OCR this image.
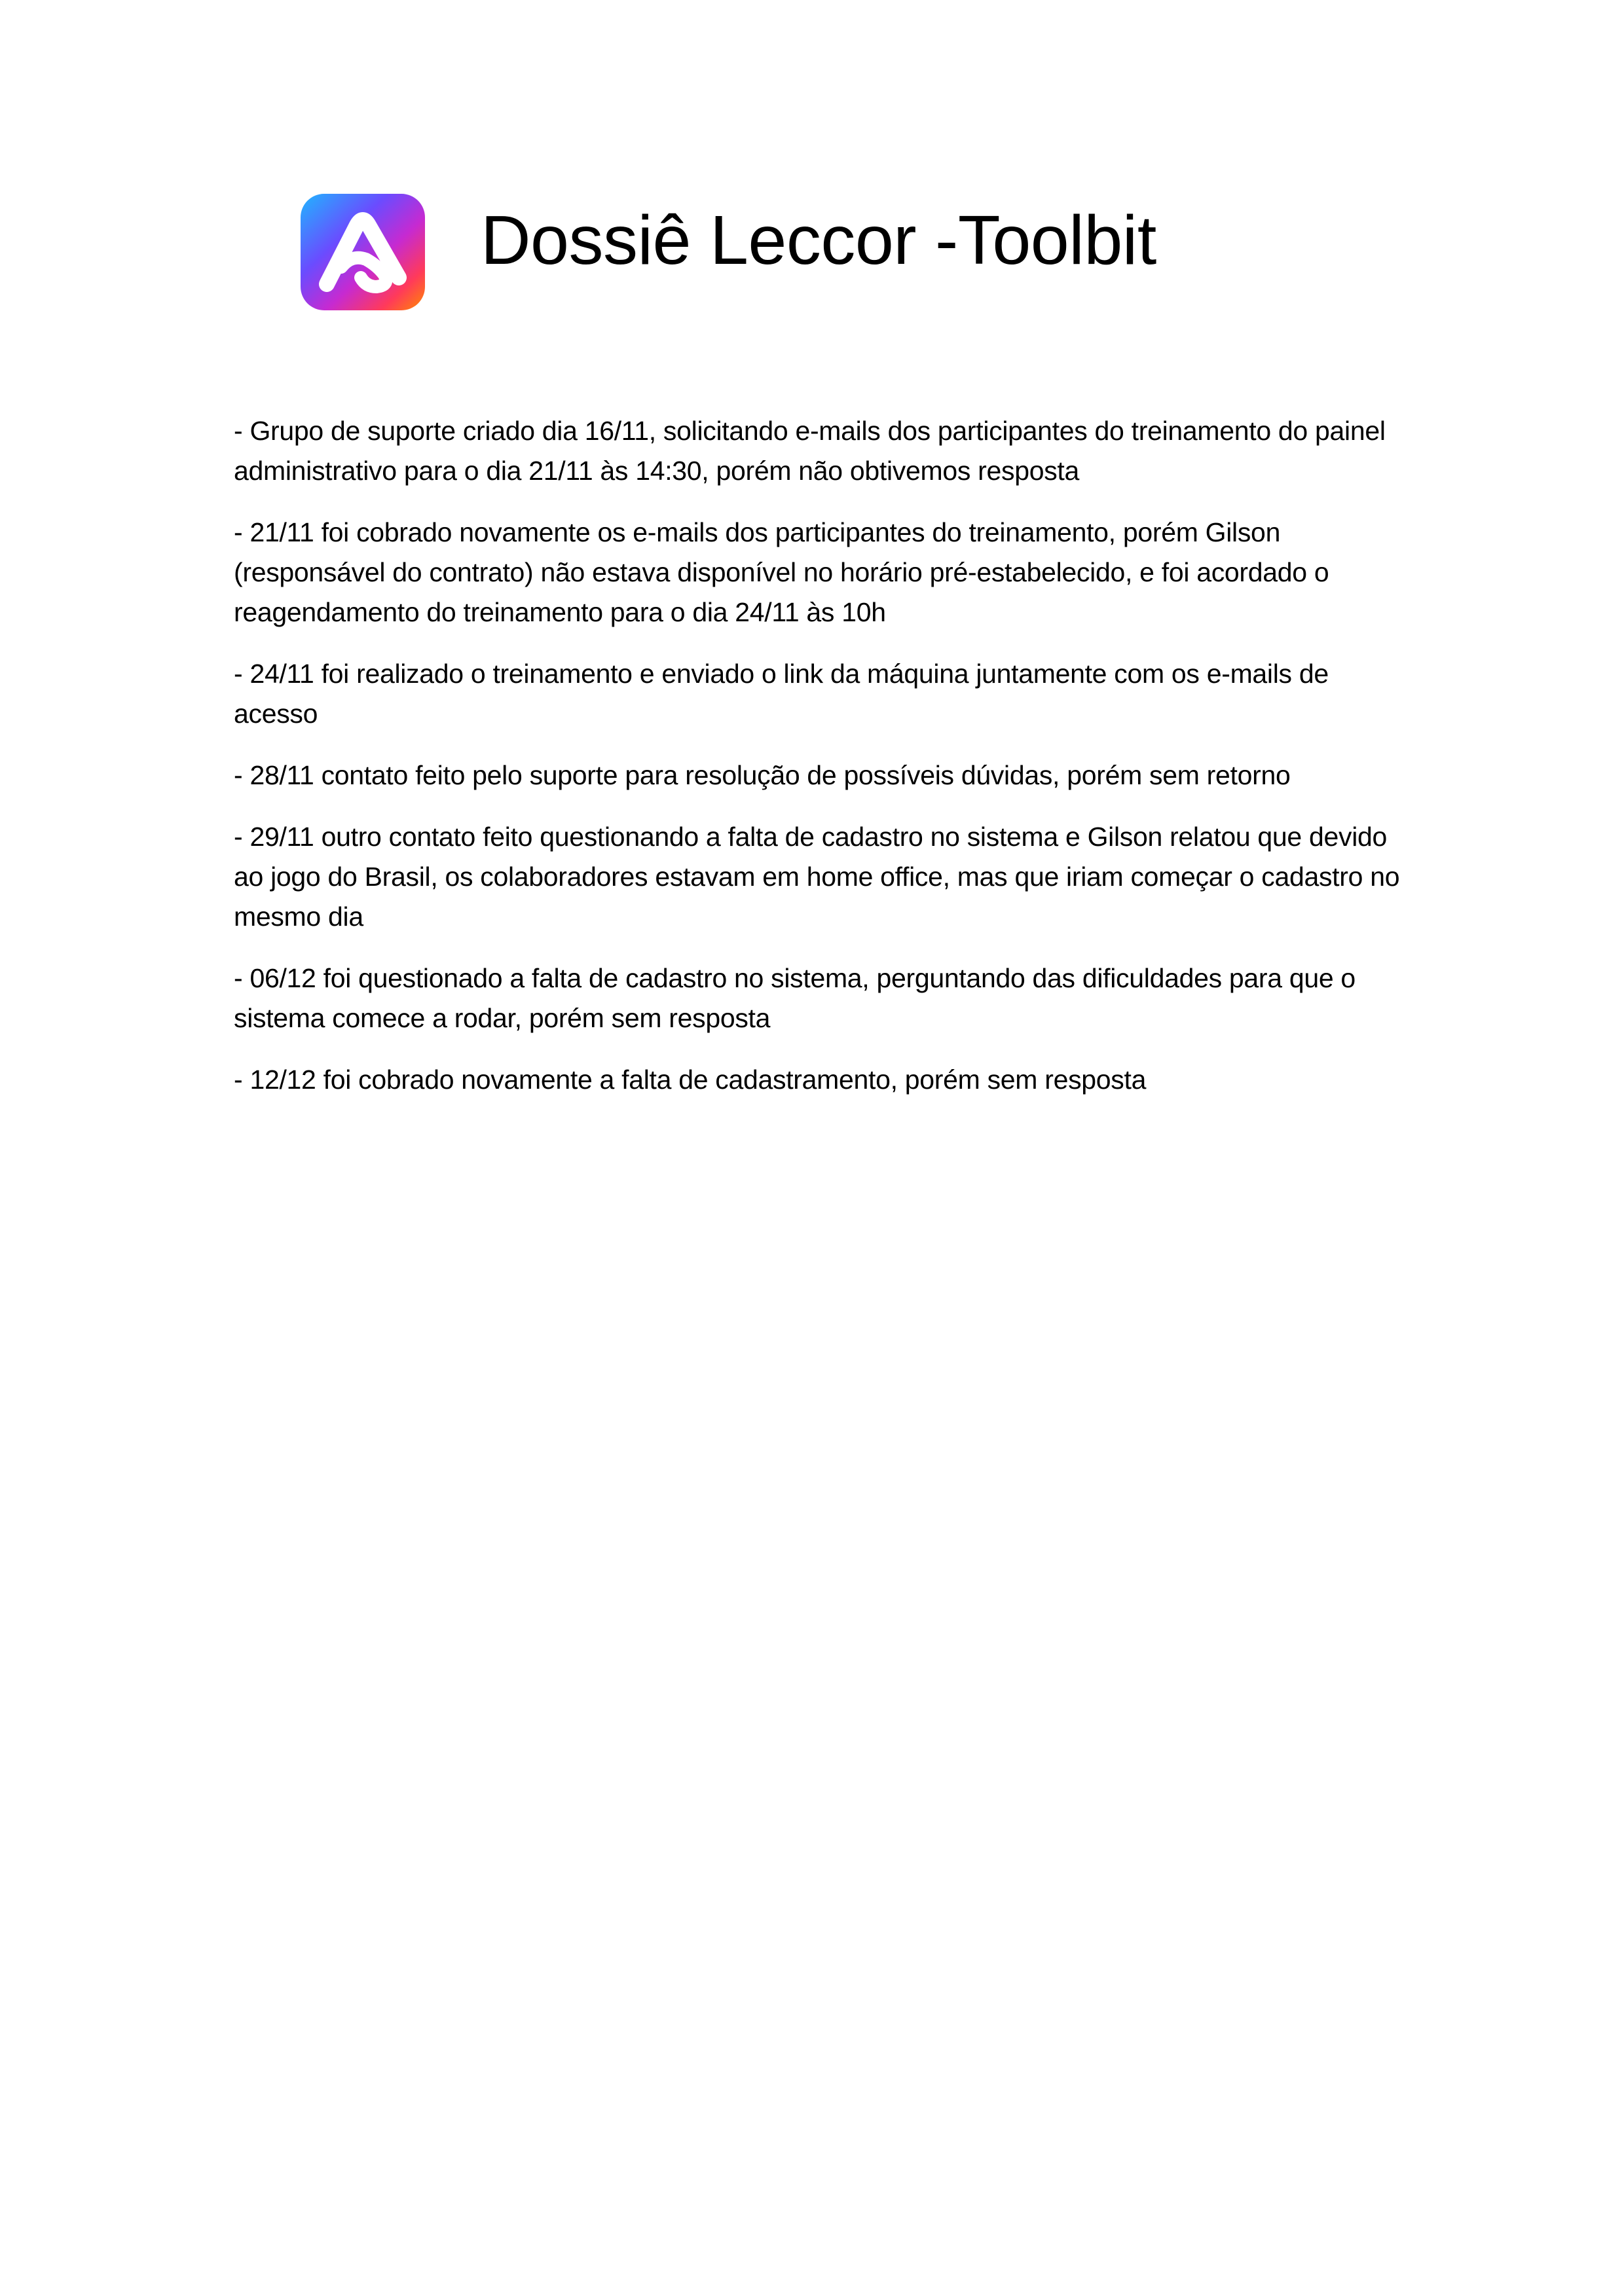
Dossiê Leccor -Toolbit

- Grupo de suporte criado dia 16/11, solicitando e-mails dos participantes do treinamento do painel administrativo para o dia 21/11 às 14:30, porém não obtivemos resposta

- 21/11 foi cobrado novamente os e-mails dos participantes do treinamento, porém Gilson (responsável do contrato) não estava disponível no horário pré-estabelecido, e foi acordado o reagendamento do treinamento para o dia 24/11 às 10h

- 24/11 foi realizado o treinamento e enviado o link da máquina juntamente com os e-mails de acesso

- 28/11 contato feito pelo suporte para resolução de possíveis dúvidas, porém sem retorno

- 29/11 outro contato feito questionando a falta de cadastro no sistema e Gilson relatou que devido ao jogo do Brasil, os colaboradores estavam em home office, mas que iriam começar o cadastro no mesmo dia

- 06/12 foi questionado a falta de cadastro no sistema, perguntando das dificuldades para que o sistema comece a rodar, porém sem resposta

- 12/12 foi cobrado novamente a falta de cadastramento, porém sem resposta
